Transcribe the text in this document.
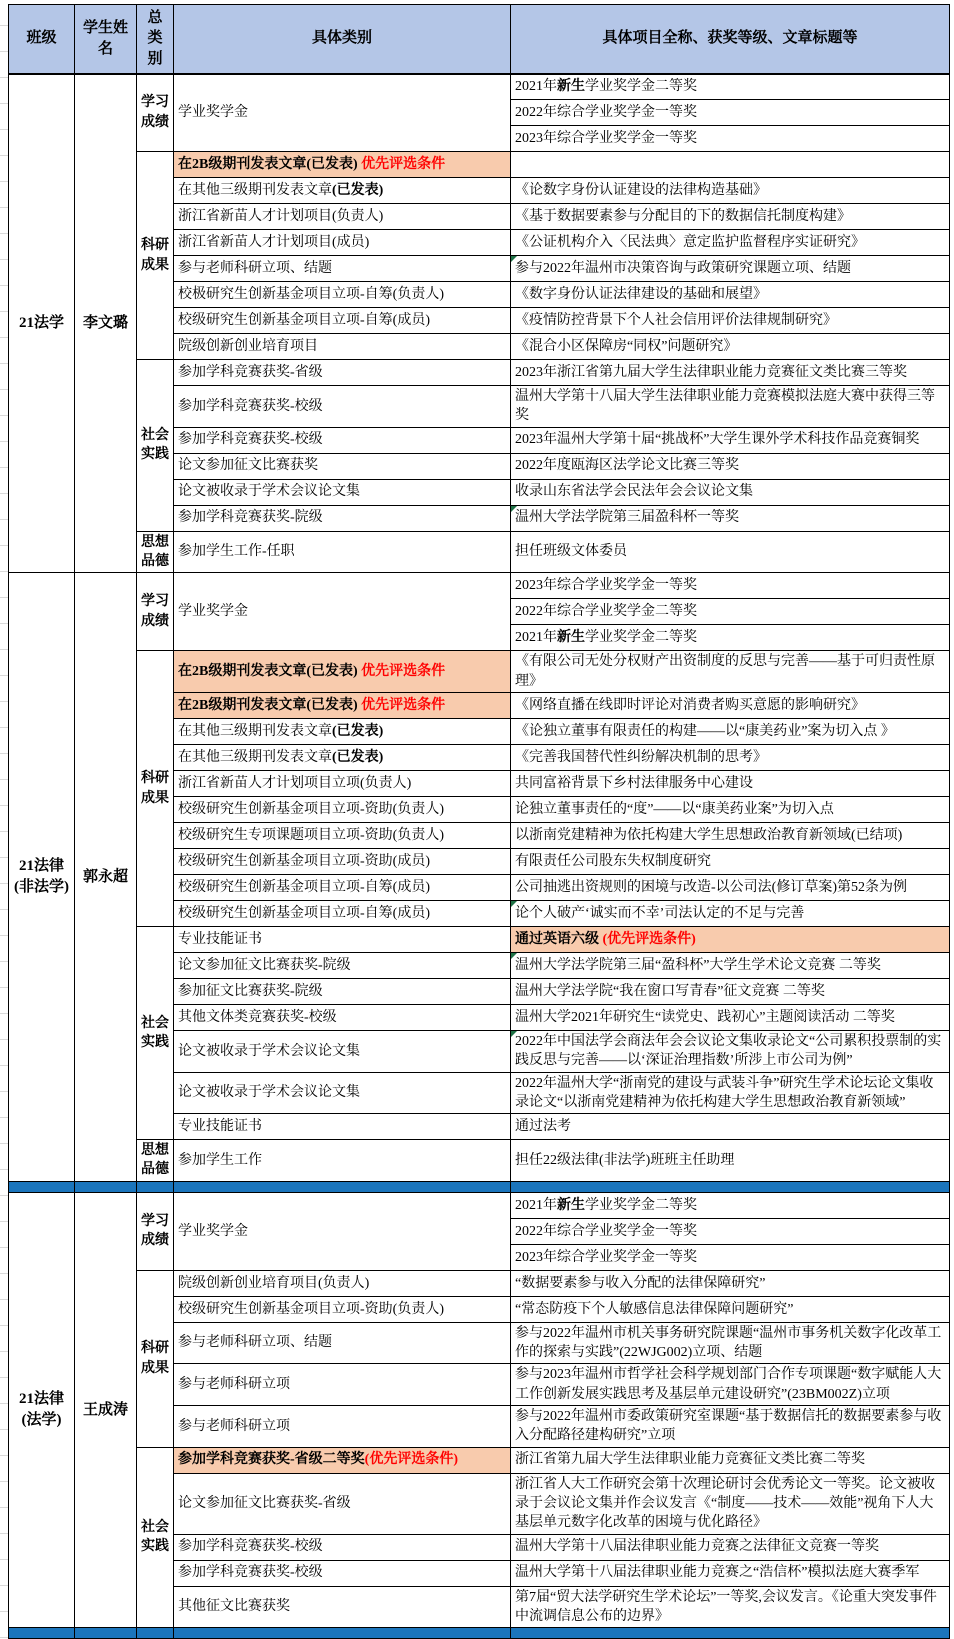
班级	学生姓名	总类别	具体类别	具体项目全称、获奖等级、文章标题等
21法学	李文璐	学习成绩	学业奖学金	2021年新生学业奖学金二等奖
				2022年综合学业奖学金一等奖
				2023年综合学业奖学金一等奖
		科研成果	在2B级期刊发表文章(已发表) 优先评选条件	
			在其他三级期刊发表文章(已发表)	《论数字身份认证建设的法律构造基础》
			浙江省新苗人才计划项目(负责人)	《基于数据要素参与分配目的下的数据信托制度构建》
			浙江省新苗人才计划项目(成员)	《公证机构介入〈民法典〉意定监护监督程序实证研究》
			参与老师科研立项、结题	参与2022年温州市决策咨询与政策研究课题立项、结题
			校极研究生创新基金项目立项-自筹(负责人)	《数字身份认证法律建设的基础和展望》
			校级研究生创新基金项目立项-自筹(成员)	《疫情防控背景下个人社会信用评价法律规制研究》
			院级创新创业培育项目	《混合小区保障房“同权”问题研究》
		社会实践	参加学科竞赛获奖-省级	2023年浙江省第九届大学生法律职业能力竞赛征文类比赛三等奖
			参加学科竞赛获奖-校级	温州大学第十八届大学生法律职业能力竞赛模拟法庭大赛中获得三等奖
			参加学科竞赛获奖-校级	2023年温州大学第十届“挑战杯”大学生课外学术科技作品竞赛铜奖
			论文参加征文比赛获奖	2022年度瓯海区法学论文比赛三等奖
			论文被收录于学术会议论文集	收录山东省法学会民法年会会议论文集
			参加学科竞赛获奖-院级	温州大学法学院第三届盈科杯一等奖
		思想品德	参加学生工作-任职	担任班级文体委员
21法律(非法学)	郭永超	学习成绩	学业奖学金	2023年综合学业奖学金一等奖
				2022年综合学业奖学金二等奖
				2021年新生学业奖学金二等奖
		科研成果	在2B级期刊发表文章(已发表) 优先评选条件	《有限公司无处分权财产出资制度的反思与完善——基于可归责性原理》
			在2B级期刊发表文章(已发表) 优先评选条件	《网络直播在线即时评论对消费者购买意愿的影响研究》
			在其他三级期刊发表文章(已发表)	《论独立董事有限责任的构建——以“康美药业”案为切入点 》
			在其他三级期刊发表文章(已发表)	《完善我国替代性纠纷解决机制的思考》
			浙江省新苗人才计划项目立项(负责人)	共同富裕背景下乡村法律服务中心建设
			校级研究生创新基金项目立项-资助(负责人)	论独立董事责任的“度”——以“康美药业案”为切入点
			校级研究生专项课题项目立项-资助(负责人)	以浙南党建精神为依托构建大学生思想政治教育新领域(已结项)
			校级研究生创新基金项目立项-资助(成员)	有限责任公司股东失权制度研究
			校级研究生创新基金项目立项-自筹(成员)	公司抽逃出资规则的困境与改造-以公司法(修订草案)第52条为例
			校级研究生创新基金项目立项-自筹(成员)	论个人破产‘诚实而不幸’司法认定的不足与完善
		社会实践	专业技能证书	通过英语六级 (优先评选条件)
			论文参加征文比赛获奖-院级	温州大学法学院第三届“盈科杯”大学生学术论文竞赛 二等奖
			参加征文比赛获奖-院级	温州大学法学院“我在窗口写青春”征文竞赛 二等奖
			其他文体类竞赛获奖-校级	温州大学2021年研究生“读党史、践初心”主题阅读活动 二等奖
			论文被收录于学术会议论文集	2022年中国法学会商法年会会议论文集收录论文“公司累积投票制的实践反思与完善——以‘深证治理指数’所涉上市公司为例”
			论文被收录于学术会议论文集	2022年温州大学“浙南党的建设与武装斗争”研究生学术论坛论文集收录论文“以浙南党建精神为依托构建大学生思想政治教育新领域”
			专业技能证书	通过法考
		思想品德	参加学生工作	担任22级法律(非法学)班班主任助理

21法律(法学)	王成涛	学习成绩	学业奖学金	2021年新生学业奖学金二等奖
				2022年综合学业奖学金一等奖
				2023年综合学业奖学金一等奖
		科研成果	院级创新创业培育项目(负责人)	“数据要素参与收入分配的法律保障研究”
			校级研究生创新基金项目立项-资助(负责人)	“常态防疫下个人敏感信息法律保障问题研究”
			参与老师科研立项、结题	参与2022年温州市机关事务研究院课题“温州市事务机关数字化改革工作的探索与实践”(22WJG002)立项、结题
			参与老师科研立项	参与2023年温州市哲学社会科学规划部门合作专项课题“数字赋能人大工作创新发展实践思考及基层单元建设研究”(23BM002Z)立项
			参与老师科研立项	参与2022年温州市委政策研究室课题“基于数据信托的数据要素参与收入分配路径建构研究”立项
		社会实践	参加学科竞赛获奖-省级二等奖(优先评选条件)	浙江省第九届大学生法律职业能力竞赛征文类比赛二等奖
			论文参加征文比赛获奖-省级	浙江省人大工作研究会第十次理论研讨会优秀论文一等奖。论文被收录于会议论文集并作会议发言《“制度——技术——效能”视角下人大基层单元数字化改革的困境与优化路径》
			参加学科竞赛获奖-校级	温州大学第十八届法律职业能力竞赛之法律征文竞赛一等奖
			参加学科竞赛获奖-校级	温州大学第十八届法律职业能力竞赛之“浩信杯”模拟法庭大赛季军
			其他征文比赛获奖	第7届“贸大法学研究生学术论坛”一等奖,会议发言。《论重大突发事件中流调信息公布的边界》
